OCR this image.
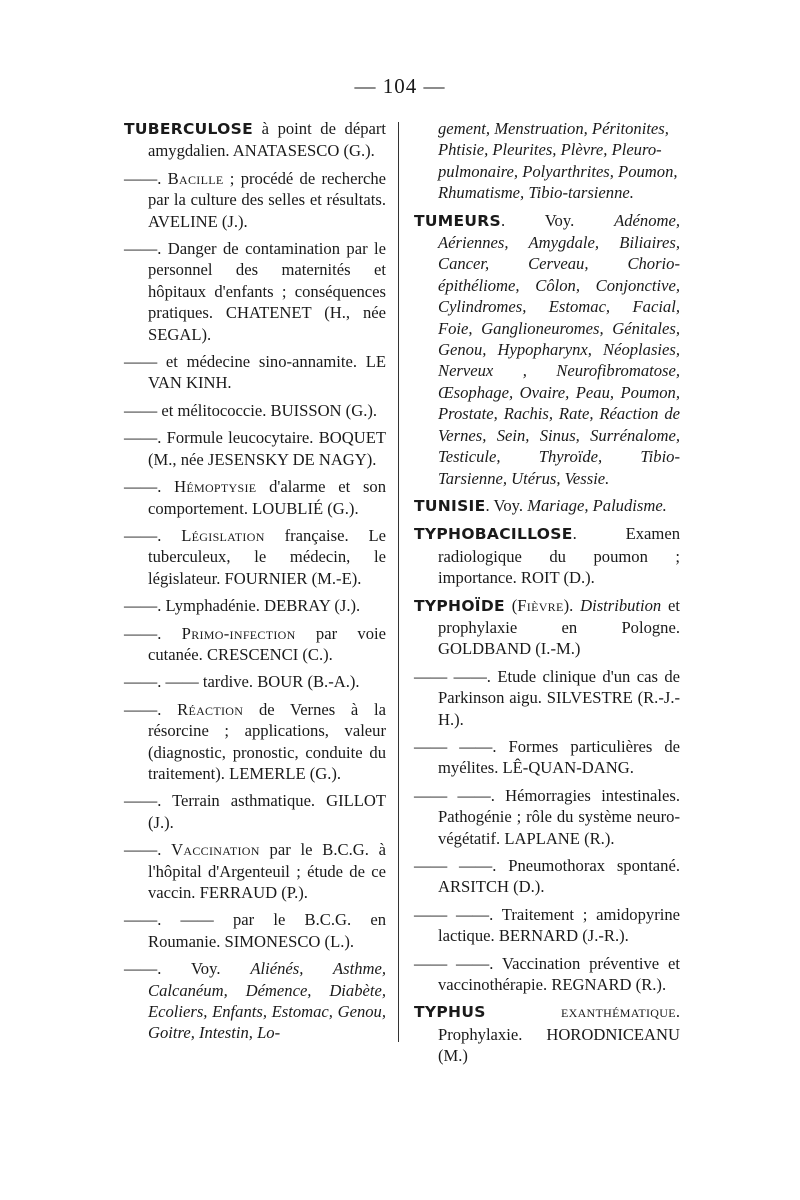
— 104 —

TUBERCULOSE à point de départ amygdalien. ANATASESCO (G.).

——. Bacille ; procédé de recherche par la culture des selles et résultats. AVELINE (J.).

——. Danger de contamination par le personnel des maternités et hôpitaux d'enfants ; conséquences pratiques. CHATENET (H., née SEGAL).

—— et médecine sino-annamite. LE VAN KINH.

—— et mélitococcie. BUISSON (G.).

——. Formule leucocytaire. BOQUET (M., née JESENSKY DE NAGY).

——. Hémoptysie d'alarme et son comportement. LOUBLIÉ (G.).

——. Législation française. Le tuberculeux, le médecin, le législateur. FOURNIER (M.-E).

——. Lymphadénie. DEBRAY (J.).

——. Primo-infection par voie cutanée. CRESCENCI (C.).

——. —— tardive. BOUR (B.-A.).

——. Réaction de Vernes à la résorcine ; applications, valeur (diagnostic, pronostic, conduite du traitement). LEMERLE (G.).

——. Terrain asthmatique. GILLOT (J.).

——. Vaccination par le B.C.G. à l'hôpital d'Argenteuil ; étude de ce vaccin. FERRAUD (P.).

——. —— par le B.C.G. en Roumanie. SIMONESCO (L.).

——. Voy. Aliénés, Asthme, Calcanéum, Démence, Diabète, Ecoliers, Enfants, Estomac, Genou, Goitre, Intestin, Lo-

gement, Menstruation, Péritonites, Phtisie, Pleurites, Plèvre, Pleuro-pulmonaire, Polyarthrites, Poumon, Rhumatisme, Tibio-tarsienne.

TUMEURS. Voy. Adénome, Aériennes, Amygdale, Biliaires, Cancer, Cerveau, Chorio-épithéliome, Côlon, Conjonctive, Cylindromes, Estomac, Facial, Foie, Ganglioneuromes, Génitales, Genou, Hypopharynx, Néoplasies, Nerveux , Neurofibromatose, Œsophage, Ovaire, Peau, Poumon, Prostate, Rachis, Rate, Réaction de Vernes, Sein, Sinus, Surrénalome, Testicule, Thyroïde, Tibio-Tarsienne, Utérus, Vessie.

TUNISIE. Voy. Mariage, Paludisme.

TYPHOBACILLOSE. Examen radiologique du poumon ; importance. ROIT (D.).

TYPHOÏDE (Fièvre). Distribution et prophylaxie en Pologne. GOLDBAND (I.-M.)

—— ——. Etude clinique d'un cas de Parkinson aigu. SILVESTRE (R.-J.-H.).

—— ——. Formes particulières de myélites. LÊ-QUAN-DANG.

—— ——. Hémorragies intestinales. Pathogénie ; rôle du système neuro-végétatif. LAPLANE (R.).

—— ——. Pneumothorax spontané. ARSITCH (D.).

—— ——. Traitement ; amidopyrine lactique. BERNARD (J.-R.).

—— ——. Vaccination préventive et vaccinothérapie. REGNARD (R.).

TYPHUS	exanthématique. Prophylaxie. HORODNICEANU (M.)
